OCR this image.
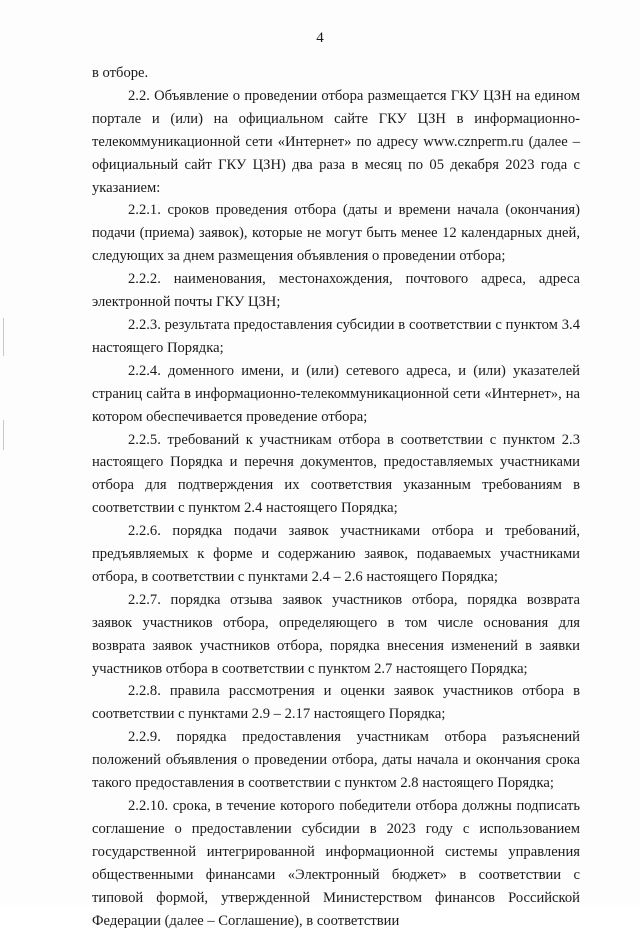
4

в отборе.

2.2. Объявление о проведении отбора размещается ГКУ ЦЗН на едином портале и (или) на официальном сайте ГКУ ЦЗН в информационно-телекоммуникационной сети «Интернет» по адресу www.cznperm.ru (далее – официальный сайт ГКУ ЦЗН) два раза в месяц по 05 декабря 2023 года с указанием:

2.2.1. сроков проведения отбора (даты и времени начала (окончания) подачи (приема) заявок), которые не могут быть менее 12 календарных дней, следующих за днем размещения объявления о проведении отбора;

2.2.2. наименования, местонахождения, почтового адреса, адреса электронной почты ГКУ ЦЗН;

2.2.3. результата предоставления субсидии в соответствии с пунктом 3.4 настоящего Порядка;

2.2.4. доменного имени, и (или) сетевого адреса, и (или) указателей страниц сайта в информационно-телекоммуникационной сети «Интернет», на котором обеспечивается проведение отбора;

2.2.5. требований к участникам отбора в соответствии с пунктом 2.3 настоящего Порядка и перечня документов, предоставляемых участниками отбора для подтверждения их соответствия указанным требованиям в соответствии с пунктом 2.4 настоящего Порядка;

2.2.6. порядка подачи заявок участниками отбора и требований, предъявляемых к форме и содержанию заявок, подаваемых участниками отбора, в соответствии с пунктами 2.4 – 2.6 настоящего Порядка;

2.2.7. порядка отзыва заявок участников отбора, порядка возврата заявок участников отбора, определяющего в том числе основания для возврата заявок участников отбора, порядка внесения изменений в заявки участников отбора в соответствии с пунктом 2.7 настоящего Порядка;

2.2.8. правила рассмотрения и оценки заявок участников отбора в соответствии с пунктами 2.9 – 2.17 настоящего Порядка;

2.2.9. порядка предоставления участникам отбора разъяснений положений объявления о проведении отбора, даты начала и окончания срока такого предоставления в соответствии с пунктом 2.8 настоящего Порядка;

2.2.10. срока, в течение которого победители отбора должны подписать соглашение о предоставлении субсидии в 2023 году с использованием государственной интегрированной информационной системы управления общественными финансами «Электронный бюджет» в соответствии с типовой формой, утвержденной Министерством финансов Российской Федерации (далее – Соглашение), в соответствии
